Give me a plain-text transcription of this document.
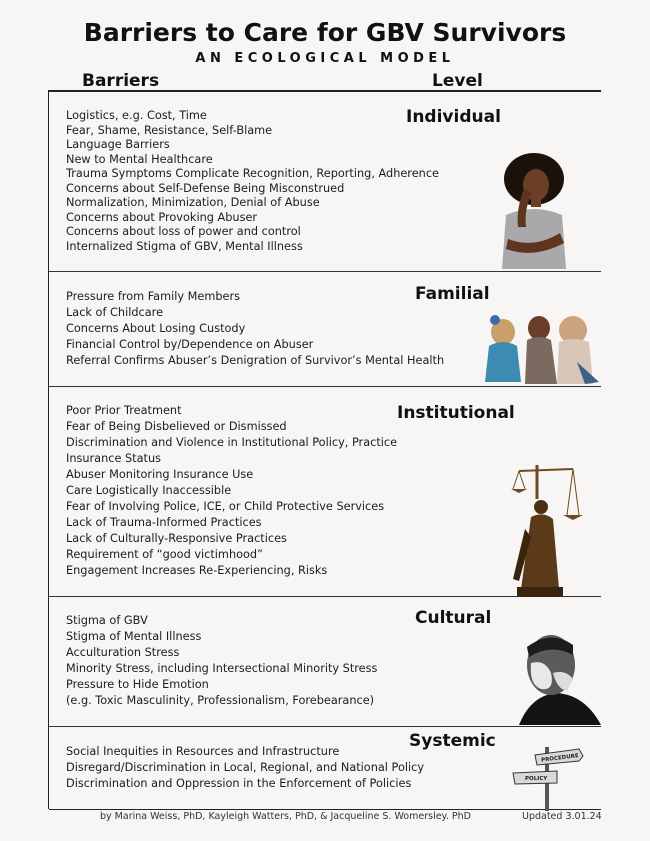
Barriers to Care for GBV Survivors
AN ECOLOGICAL MODEL
Barriers	Level
Individual
Logistics, e.g. Cost, Time
Fear, Shame, Resistance, Self-Blame
Language Barriers
New to Mental Healthcare
Trauma Symptoms Complicate Recognition, Reporting, Adherence
Concerns about Self-Defense Being Misconstrued
Normalization, Minimization, Denial of Abuse
Concerns about Provoking Abuser
Concerns about loss of power and control
Internalized Stigma of GBV, Mental Illness
Familial
Pressure from Family Members
Lack of Childcare
Concerns About Losing Custody
Financial Control by/Dependence on Abuser
Referral Confirms Abuser’s Denigration of Survivor’s Mental Health
Institutional
Poor Prior Treatment
Fear of Being Disbelieved or Dismissed
Discrimination and Violence in Institutional Policy, Practice
Insurance Status
Abuser Monitoring Insurance Use
Care Logistically Inaccessible
Fear of Involving Police, ICE, or Child Protective Services
Lack of Trauma-Informed Practices
Lack of Culturally-Responsive Practices
Requirement of “good victimhood”
Engagement Increases Re-Experiencing, Risks
Cultural
Stigma of GBV
Stigma of Mental Illness
Acculturation Stress
Minority Stress, including Intersectional Minority Stress
Pressure to Hide Emotion
(e.g. Toxic Masculinity, Professionalism, Forebearance)
Systemic
Social Inequities in Resources and Infrastructure
Disregard/Discrimination in Local, Regional, and National Policy
Discrimination and Oppression in the Enforcement of Policies
PROCEDURE
POLICY
by Marina Weiss, PhD, Kayleigh Watters, PhD, & Jacqueline S. Womersley. PhD	Updated 3.01.24
